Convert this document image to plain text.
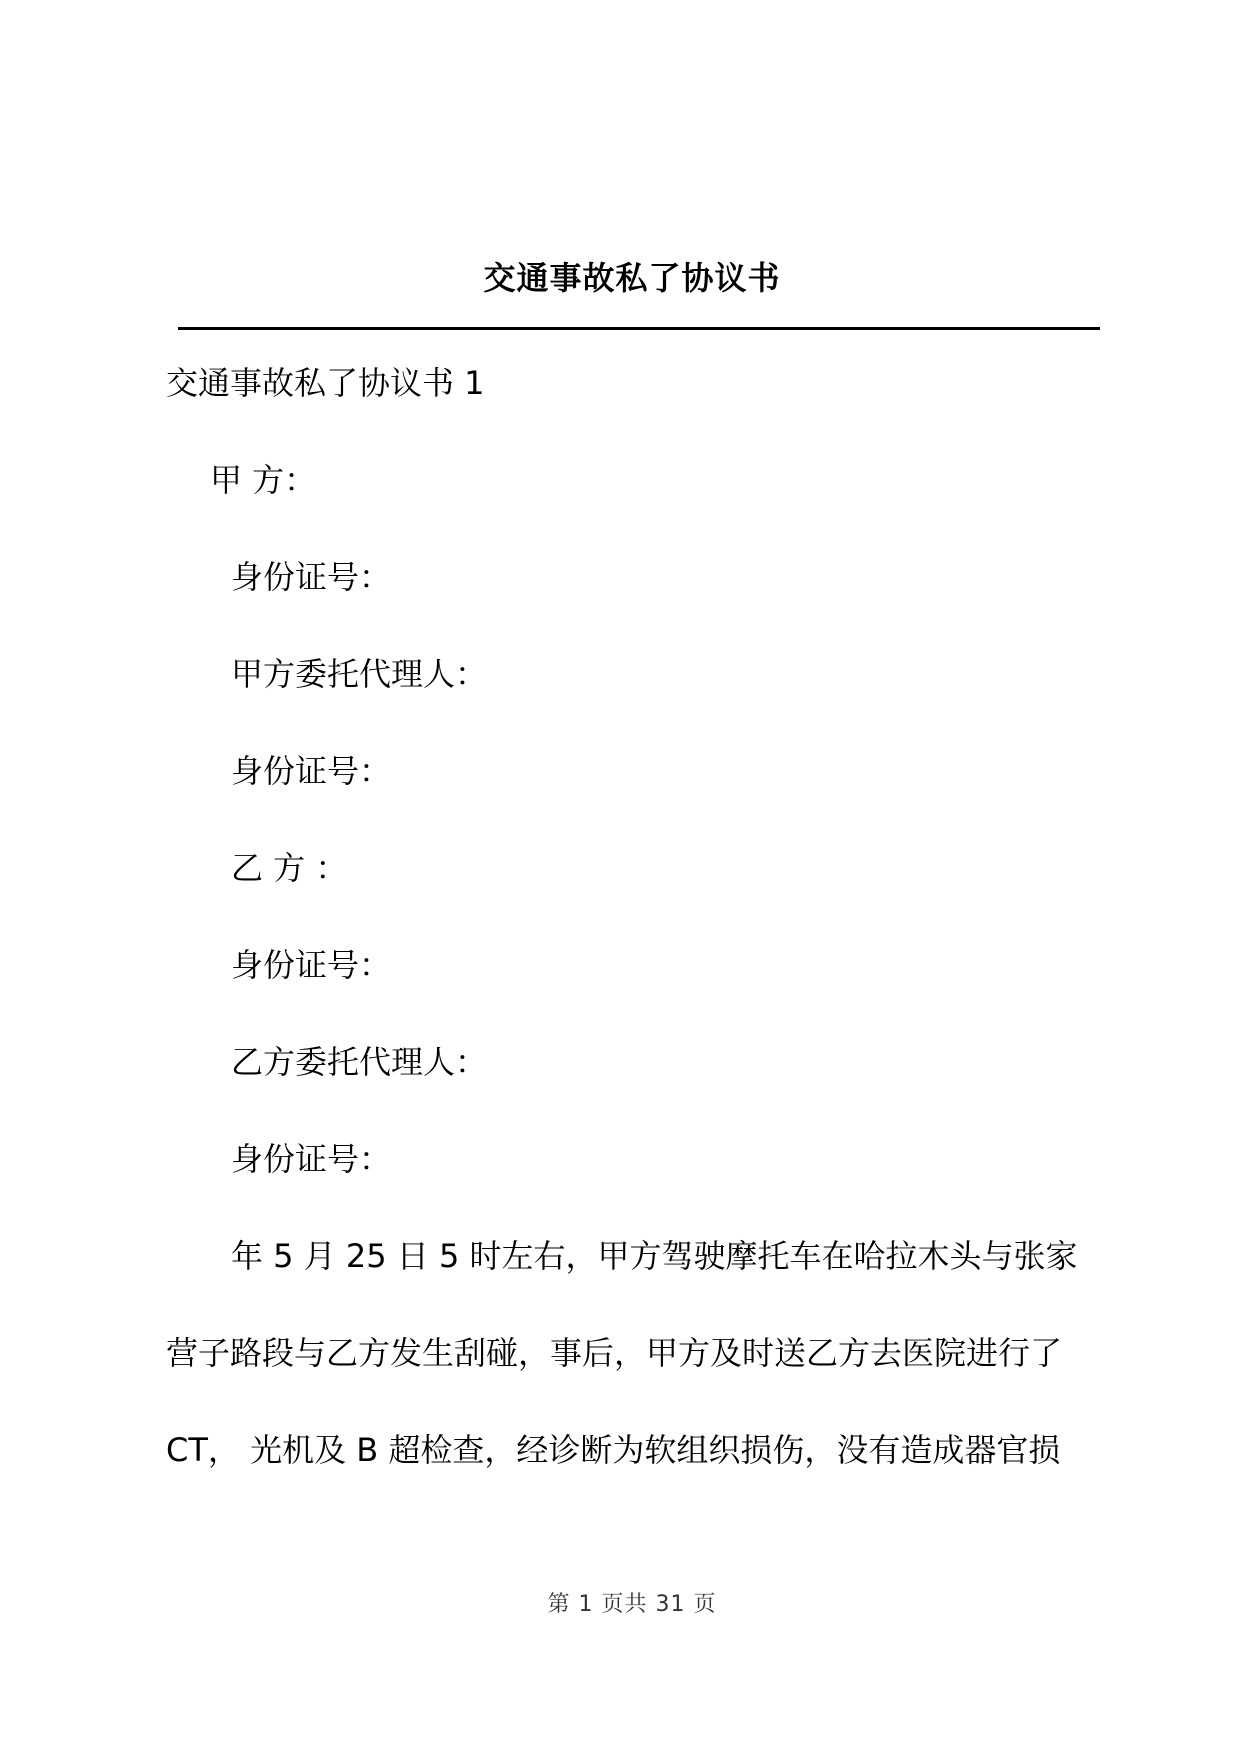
交通事故私了协议书
交通事故私了协议书 1
甲 方：
身份证号：
甲方委托代理人：
身份证号：
乙 方 ：
身份证号：
乙方委托代理人：
身份证号：
年 5 月 25 日 5 时左右，甲方驾驶摩托车在哈拉木头与张家
营子路段与乙方发生刮碰，事后，甲方及时送乙方去医院进行了
CT， 光机及 B 超检查，经诊断为软组织损伤，没有造成器官损
第 1 页共 31 页
